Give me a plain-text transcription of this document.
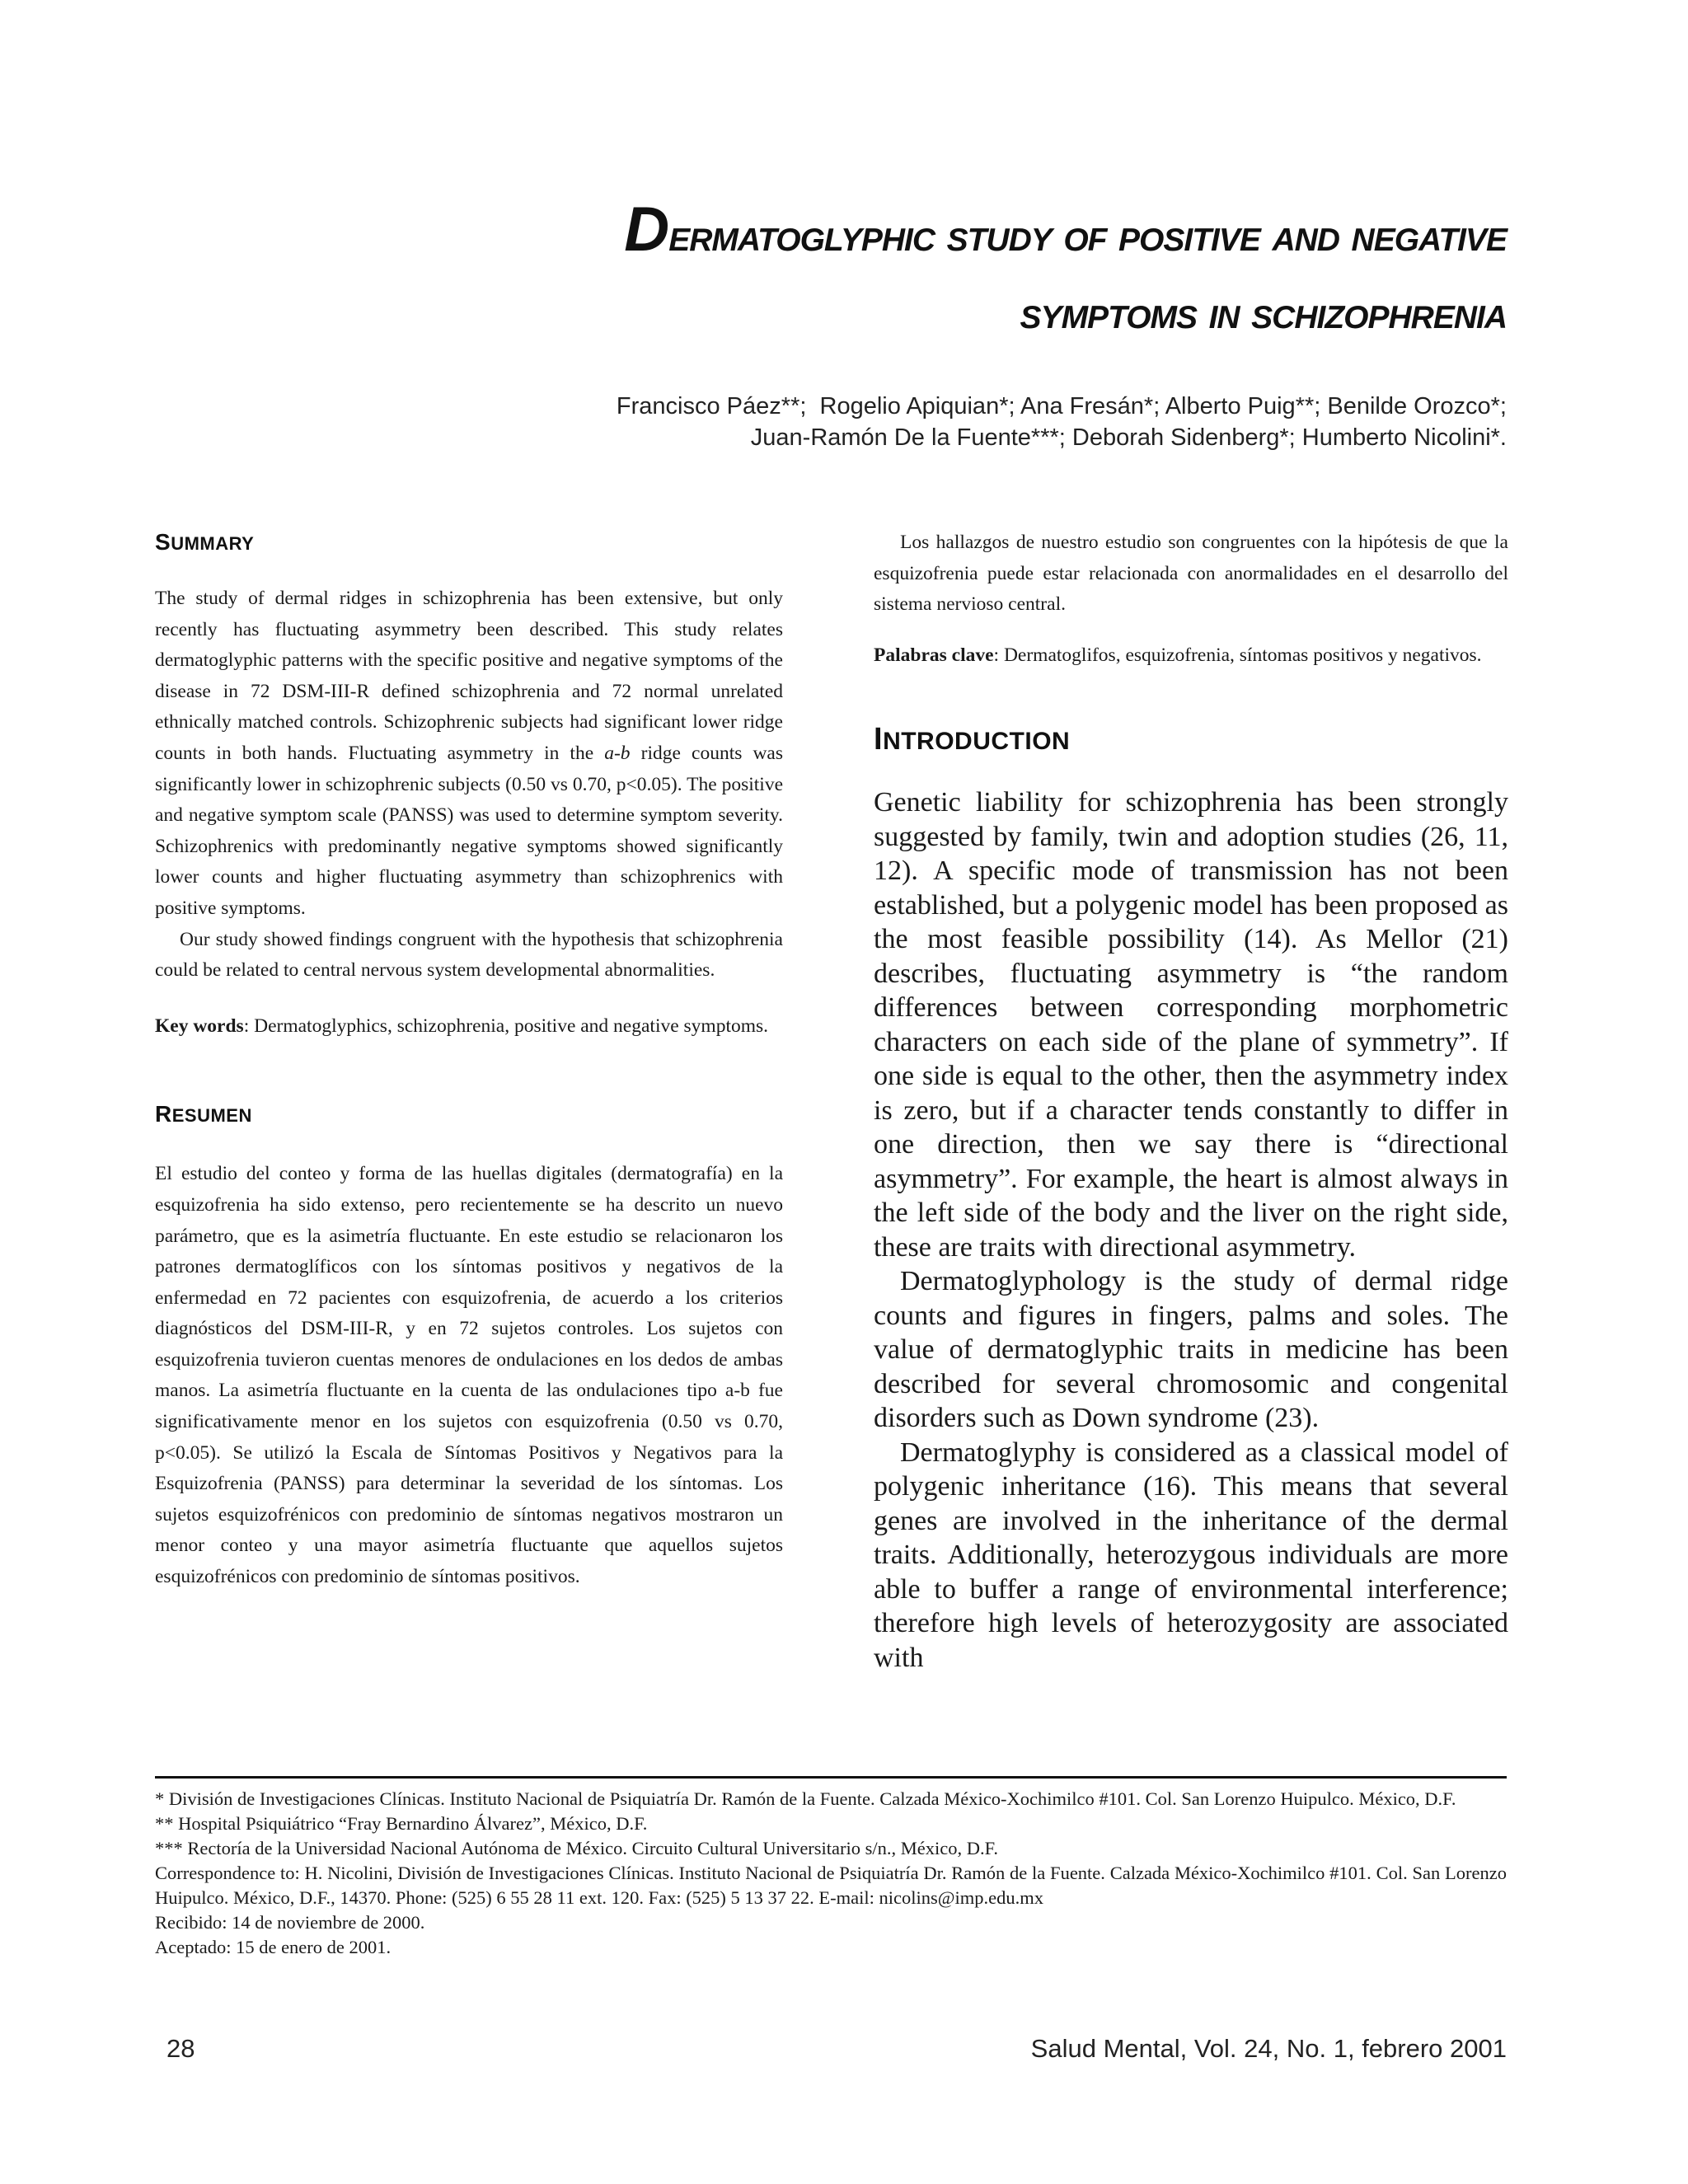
Dermatoglyphic study of positive and negative
symptoms in schizophrenia
Francisco Páez**;  Rogelio Apiquian*; Ana Fresán*; Alberto Puig**; Benilde Orozco*;
Juan-Ramón De la Fuente***; Deborah Sidenberg*; Humberto Nicolini*.
SUMMARY

The study of dermal ridges in schizophrenia has been extensive, but only recently has fluctuating asymmetry been described. This study relates dermatoglyphic patterns with the specific positive and negative symptoms of the disease in 72 DSM-III-R defined schizophrenia and 72 normal unrelated ethnically matched controls. Schizophrenic subjects had significant lower ridge counts in both hands. Fluctuating asymmetry in the a-b ridge counts was significantly lower in schizophrenic subjects (0.50 vs 0.70, p<0.05). The positive and negative symptom scale (PANSS) was used to determine symptom severity. Schizophrenics with predominantly negative symptoms showed significantly lower counts and higher fluctuating asymmetry than schizophrenics with positive symptoms.

Our study showed findings congruent with the hypothesis that schizophrenia could be related to central nervous system developmental abnormalities.

Key words: Dermatoglyphics, schizophrenia, positive and negative symptoms.

RESUMEN

El estudio del conteo y forma de las huellas digitales (dermatografía) en la esquizofrenia ha sido extenso, pero recientemente se ha descrito un nuevo parámetro, que es la asimetría fluctuante. En este estudio se relacionaron los patrones dermatoglíficos con los síntomas positivos y negativos de la enfermedad en 72 pacientes con esquizofrenia, de acuerdo a los criterios diagnósticos del DSM-III-R, y en 72 sujetos controles. Los sujetos con esquizofrenia tuvieron cuentas menores de ondulaciones en los dedos de ambas manos. La asimetría fluctuante en la cuenta de las ondulaciones tipo a-b fue significativamente menor en los sujetos con esquizofrenia (0.50 vs 0.70, p<0.05). Se utilizó la Escala de Síntomas Positivos y Negativos para la Esquizofrenia (PANSS) para determinar la severidad de los síntomas. Los sujetos esquizofrénicos con predominio de síntomas negativos mostraron un menor conteo y una mayor asimetría fluctuante que aquellos sujetos esquizofrénicos con predominio de síntomas positivos.

Los hallazgos de nuestro estudio son congruentes con la hipótesis de que la esquizofrenia puede estar relacionada con anormalidades en el desarrollo del sistema nervioso central.

Palabras clave: Dermatoglifos, esquizofrenia, síntomas positivos y negativos.

INTRODUCTION

Genetic liability for schizophrenia has been strongly suggested by family, twin and adoption studies (26, 11, 12). A specific mode of transmission has not been established, but a polygenic model has been proposed as the most feasible possibility (14). As Mellor (21) describes, fluctuating asymmetry is “the random differences between corresponding morphometric characters on each side of the plane of symmetry”. If one side is equal to the other, then the asymmetry index is zero, but if a character tends constantly to differ in one direction, then we say there is “directional asymmetry”. For example, the heart is almost always in the left side of the body and the liver on the right side, these are traits with directional asymmetry.

Dermatoglyphology is the study of dermal ridge counts and figures in fingers, palms and soles. The value of dermatoglyphic traits in medicine has been described for several chromosomic and congenital disorders such as Down syndrome (23).

Dermatoglyphy is considered as a classical model of polygenic inheritance (16). This means that several genes are involved in the inheritance of the dermal traits. Additionally, heterozygous individuals are more able to buffer a range of environmental interference; therefore high levels of heterozygosity are associated with

* División de Investigaciones Clínicas. Instituto Nacional de Psiquiatría Dr. Ramón de la Fuente. Calzada México-Xochimilco #101. Col. San Lorenzo Huipulco. México, D.F.

** Hospital Psiquiátrico “Fray Bernardino Álvarez”, México, D.F.

*** Rectoría de la Universidad Nacional Autónoma de México. Circuito Cultural Universitario s/n., México, D.F.

Correspondence to: H. Nicolini, División de Investigaciones Clínicas. Instituto Nacional de Psiquiatría Dr. Ramón de la Fuente. Calzada México-Xochimilco #101. Col. San Lorenzo Huipulco. México, D.F., 14370. Phone: (525) 6 55 28 11 ext. 120. Fax: (525) 5 13 37 22. E-mail: nicolins@imp.edu.mx

Recibido: 14 de noviembre de 2000.

Aceptado: 15 de enero de 2001.

28	Salud Mental, Vol. 24, No. 1, febrero 2001
